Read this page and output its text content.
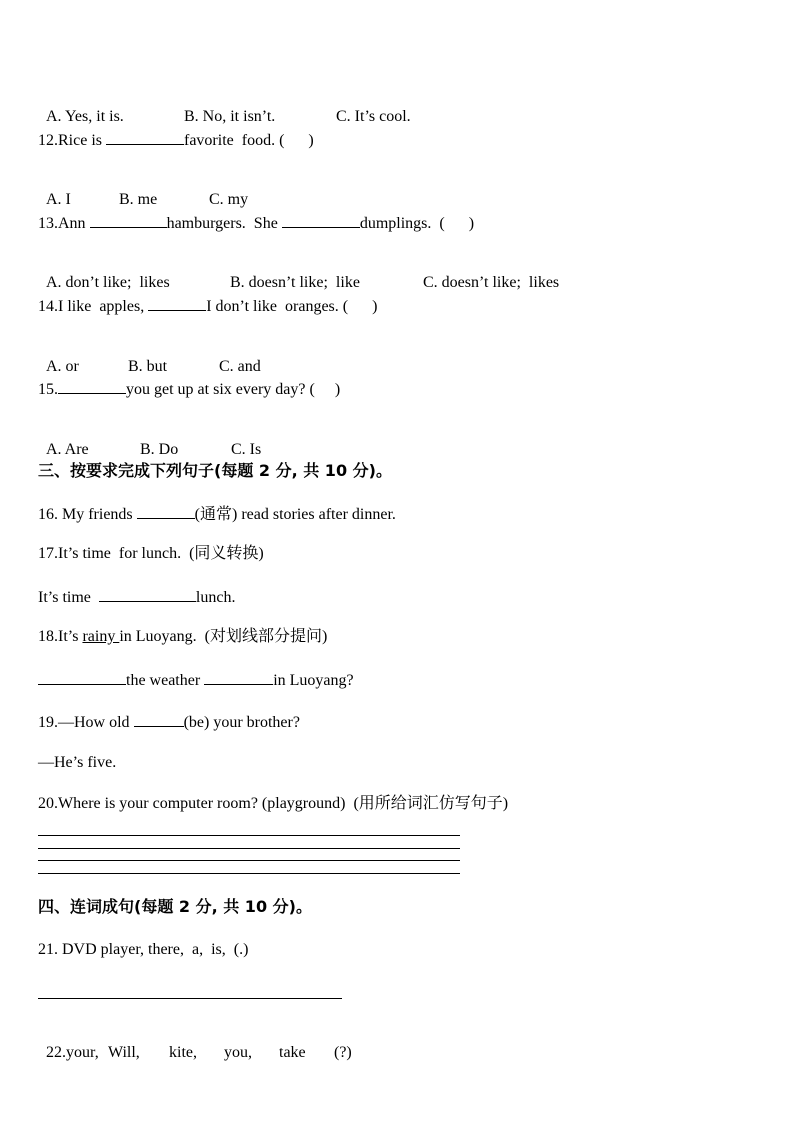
A. Yes, it is.	B. No, it isn’t.	C. It’s cool.

12.Rice is	favorite  food. (      )

A. I	B. me	C. my

13.Ann	hamburgers.  She	dumplings.  (      )

A. don’t like;  likes	B. doesn’t like;  like	C. doesn’t like;  likes

14.I like  apples,	I don’t like  oranges. (      )

A. or	B. but	C. and

15.	you get up at six every day? (     )

A. Are	B. Do	C. Is

三、按要求完成下列句子(每题 2 分, 共 10 分)。
16. My friends	(通常) read stories after dinner.
17.It’s time  for lunch.  (同义转换)
It’s time	lunch.
18.It’s rainy in Luoyang.  (对划线部分提问)
the weather	in Luoyang?
19.—How old	(be) your brother?
—He’s five.
20.Where is your computer room? (playground)  (用所给词汇仿写句子)
四、连词成句(每题 2 分, 共 10 分)。
21. DVD player, there,  a,  is,  (.)

22.your, Will, kite, you, take (?)
